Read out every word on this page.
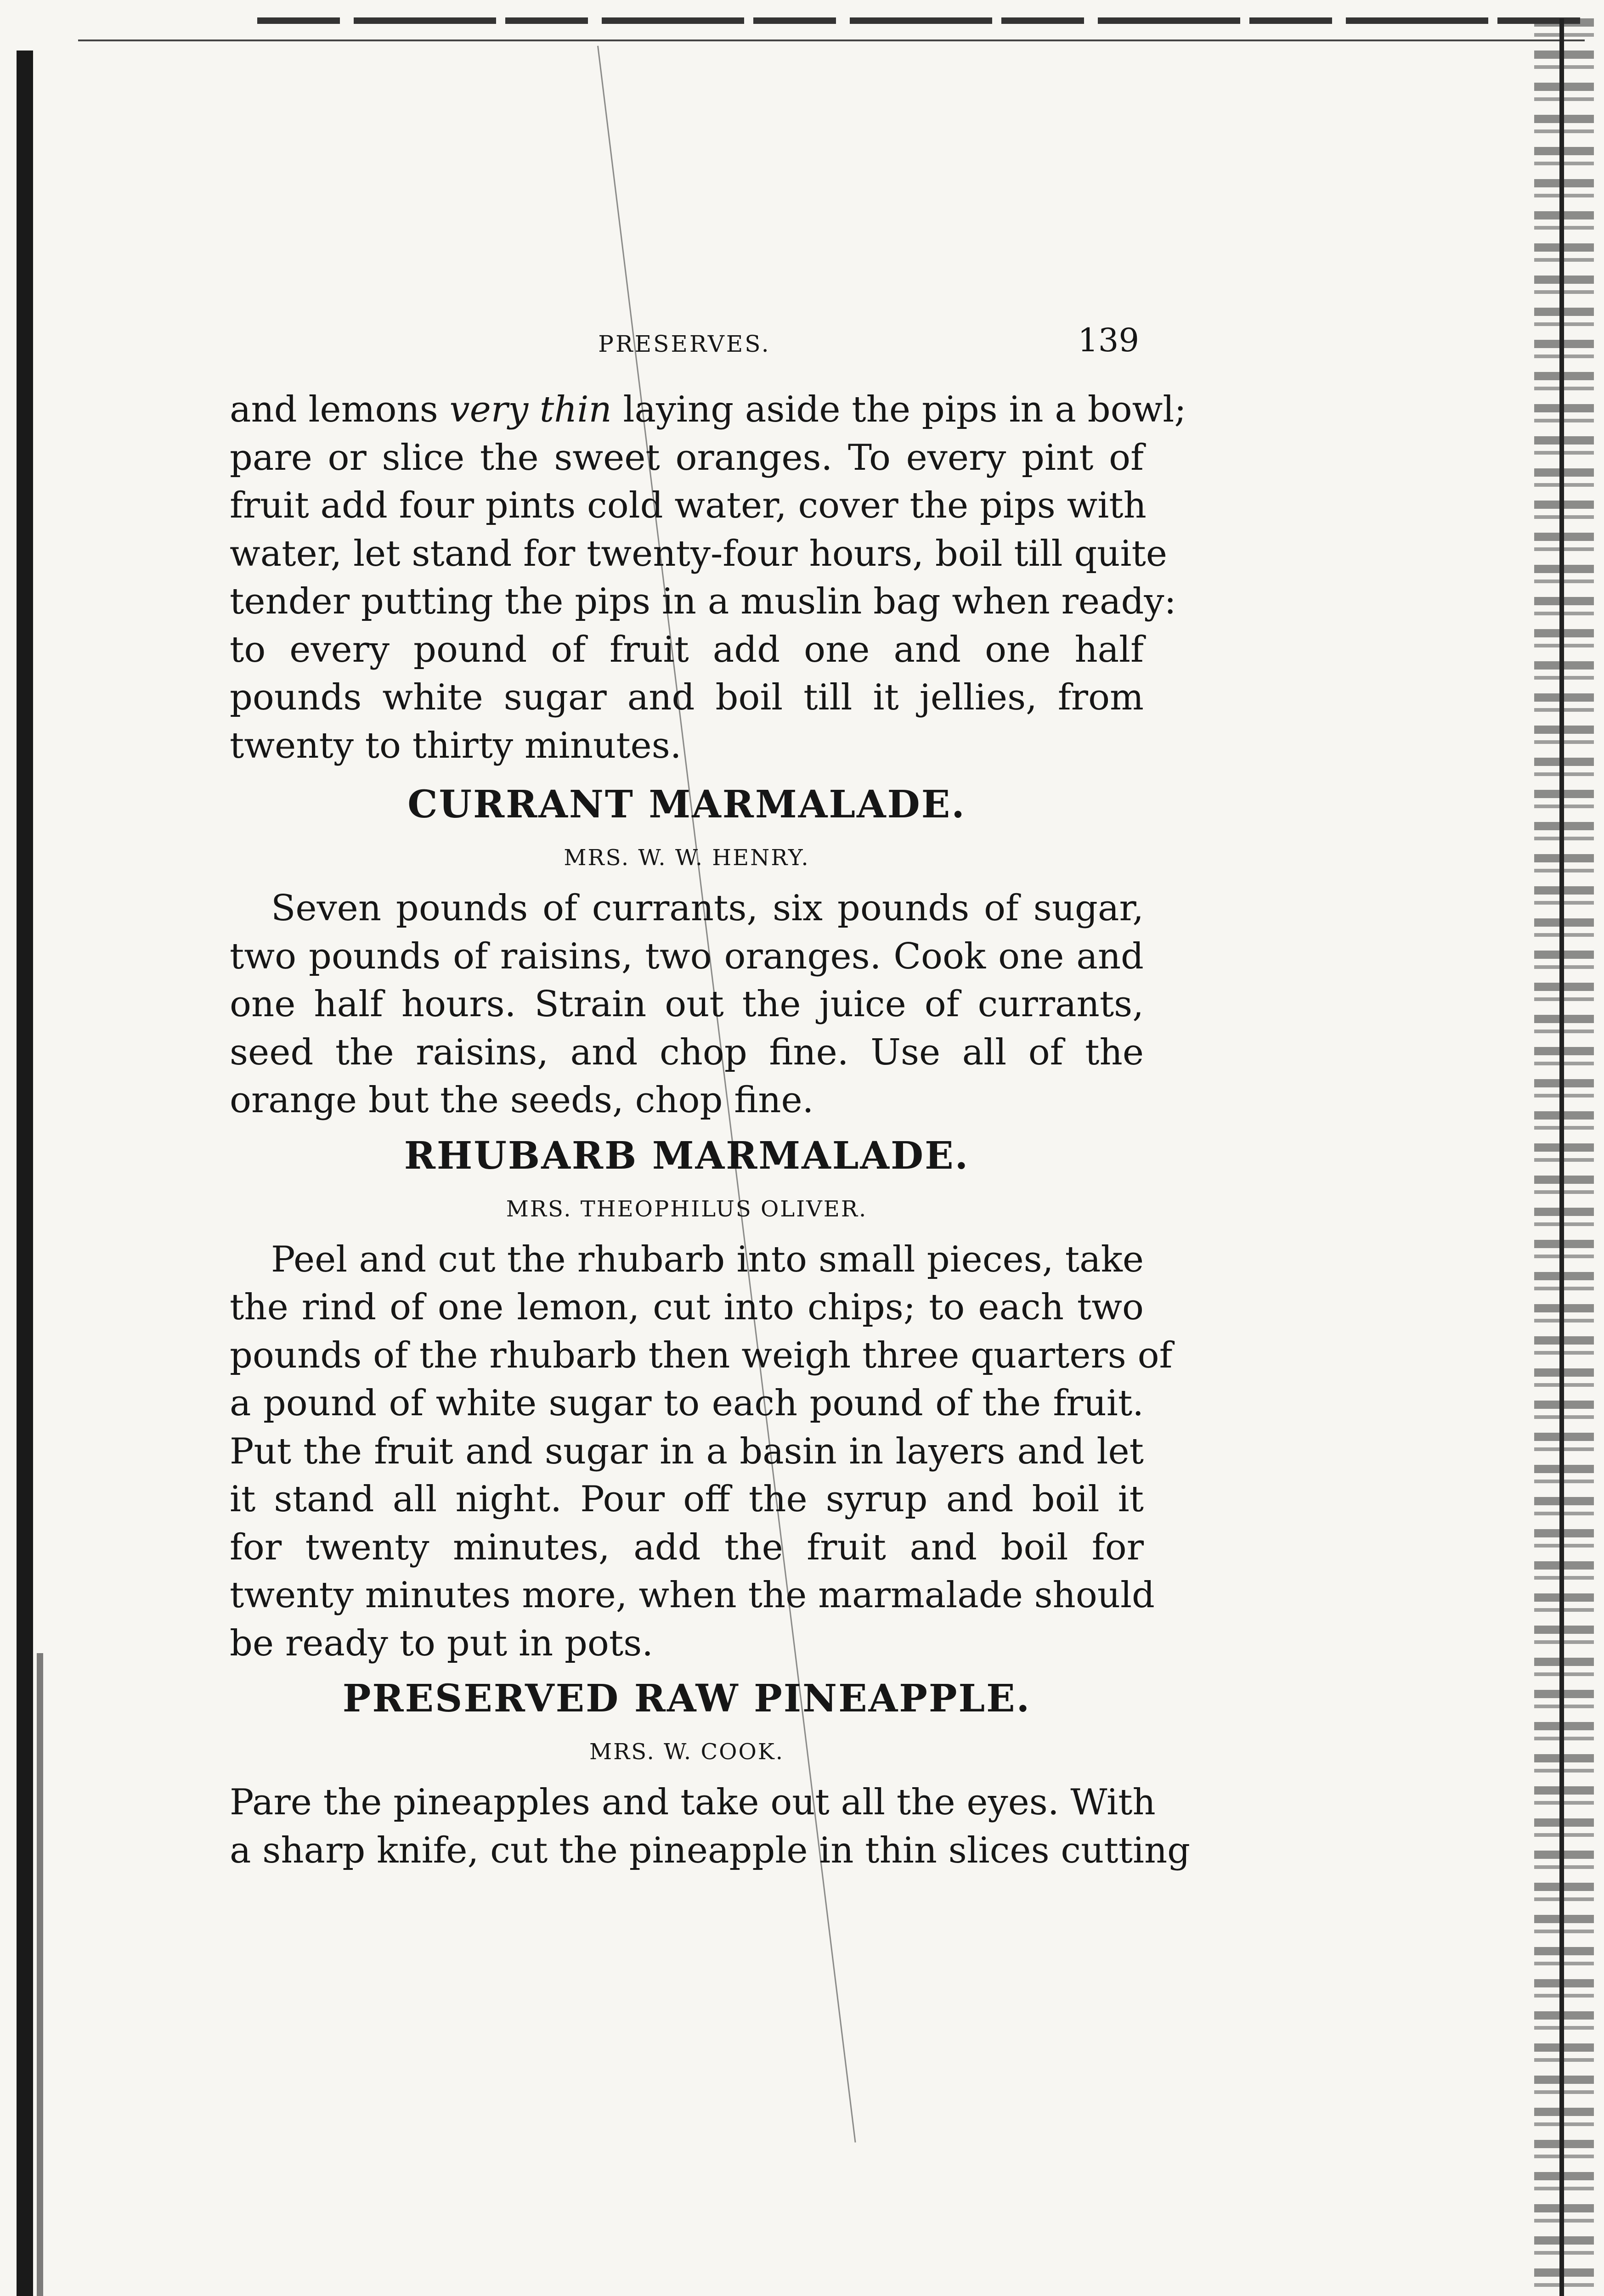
PRESERVES.	139

and lemons very thin laying aside the pips in a bowl;
pare or slice the sweet oranges. To every pint of
fruit add four pints cold water, cover the pips with
water, let stand for twenty-four hours, boil till quite
tender putting the pips in a muslin bag when ready:
to every pound of fruit add one and one half
pounds white sugar and boil till it jellies, from
twenty to thirty minutes.

CURRANT MARMALADE.
MRS. W. W. HENRY.

Seven pounds of currants, six pounds of sugar,
two pounds of raisins, two oranges. Cook one and
one half hours. Strain out the juice of currants,
seed the raisins, and chop fine. Use all of the
orange but the seeds, chop fine.

RHUBARB MARMALADE.
MRS. THEOPHILUS OLIVER.

Peel and cut the rhubarb into small pieces, take
the rind of one lemon, cut into chips; to each two
pounds of the rhubarb then weigh three quarters of
a pound of white sugar to each pound of the fruit.
Put the fruit and sugar in a basin in layers and let
it stand all night. Pour off the syrup and boil it
for twenty minutes, add the fruit and boil for
twenty minutes more, when the marmalade should
be ready to put in pots.

PRESERVED RAW PINEAPPLE.
MRS. W. COOK.

Pare the pineapples and take out all the eyes. With
a sharp knife, cut the pineapple in thin slices cutting
